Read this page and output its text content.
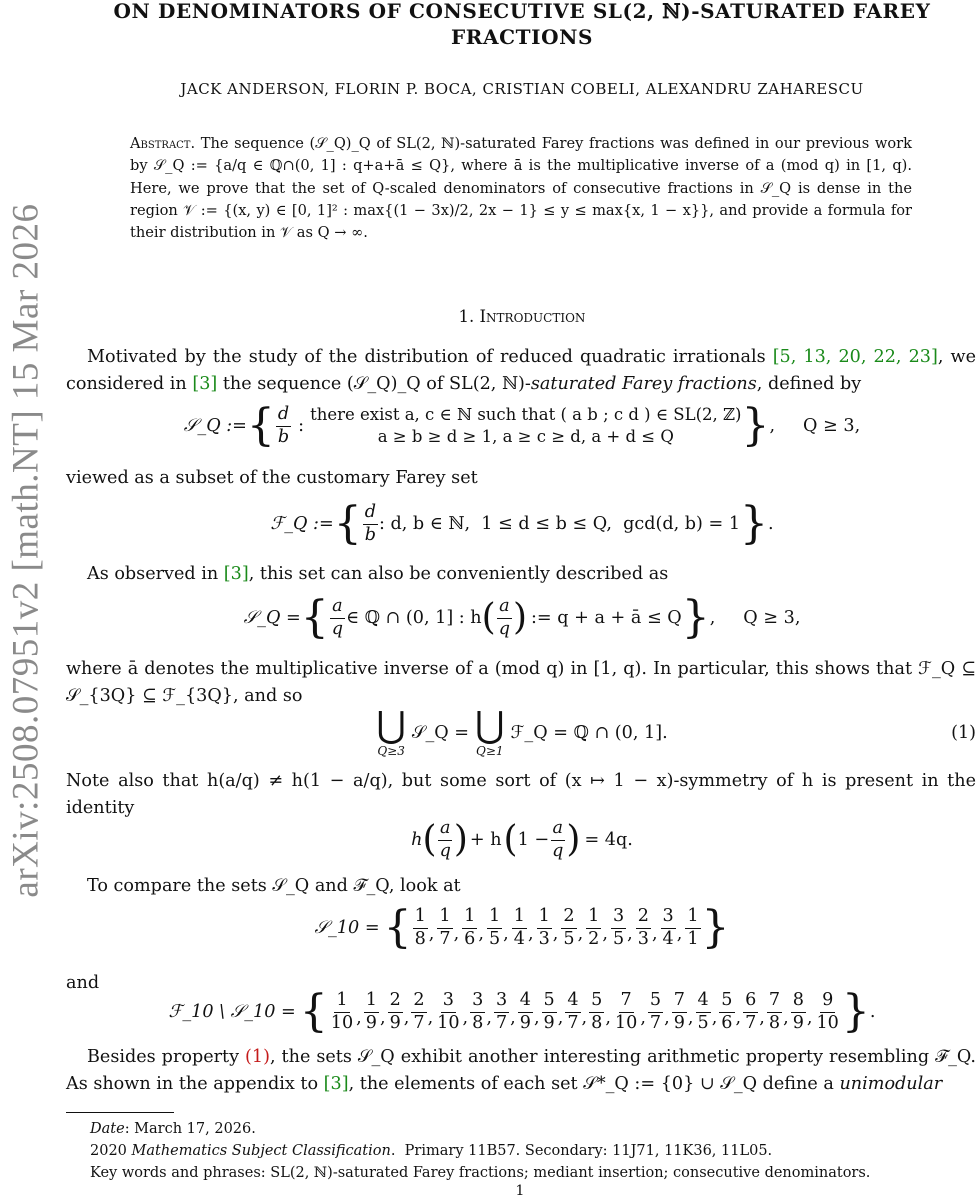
arXiv:2508.07951v2 [math.NT] 15 Mar 2026
ON DENOMINATORS OF CONSECUTIVE SL(2, ℕ)-SATURATED FAREY
FRACTIONS
JACK ANDERSON, FLORIN P. BOCA, CRISTIAN COBELI, ALEXANDRU ZAHARESCU
Abstract. The sequence (𝒮_Q)_Q of SL(2, ℕ)-saturated Farey fractions was defined in our previous work by 𝒮_Q := {a/q ∈ ℚ∩(0, 1] : q+a+ā ≤ Q}, where ā is the multiplicative inverse of a (mod q) in [1, q). Here, we prove that the set of Q-scaled denominators of consecutive fractions in 𝒮_Q is dense in the region 𝒱 := {(x, y) ∈ [0, 1]² : max{(1 − 3x)/2, 2x − 1} ≤ y ≤ max{x, 1 − x}}, and provide a formula for their distribution in 𝒱 as Q → ∞.
1. Introduction
Motivated by the study of the distribution of reduced quadratic irrationals [5, 13, 20, 22, 23], we considered in [3] the sequence (𝒮_Q)_Q of SL(2, ℕ)-saturated Farey fractions, defined by
𝒮_Q := { $\frac{d}{b}$ :
there exist a, c ∈ ℕ such that ( a b ; c d ) ∈ SL(2, ℤ)
a ≥ b ≥ d ≥ 1, a ≥ c ≥ d, a + d ≤ Q } ,     Q ≥ 3,
viewed as a subset of the customary Farey set
ℱ_Q := { $\frac{d}{b}$ : d, b ∈ ℕ,  1 ≤ d ≤ b ≤ Q,  gcd(d, b) = 1 } .
As observed in [3], this set can also be conveniently described as
𝒮_Q = { $\frac{a}{q}$ ∈ ℚ ∩ (0, 1] : h ( $\frac{a}{q}$ ) := q + a + ā ≤ Q } ,     Q ≥ 3,
where ā denotes the multiplicative inverse of a (mod q) in [1, q). In particular, this shows that ℱ_Q ⊆ 𝒮_{3Q} ⊆ ℱ_{3Q}, and so
⋃
Q≥3
𝒮_Q = ⋃
Q≥1
ℱ_Q = ℚ ∩ (0, 1].	(1)
Note also that h(a/q) ≠ h(1 − a/q), but some sort of (x ↦ 1 − x)-symmetry of h is present in the identity
h ( $\frac{a}{q}$ ) + h ( $1 - \frac{a}{q}$ ) = 4q.
To compare the sets 𝒮_Q and ℱ_Q, look at
𝒮_10 = { $\frac{1}{8}$ , $\frac{1}{7}$ , $\frac{1}{6}$ , $\frac{1}{5}$ , $\frac{1}{4}$ , $\frac{1}{3}$ , $\frac{2}{5}$ , $\frac{1}{2}$ , $\frac{3}{5}$ , $\frac{2}{3}$ , $\frac{3}{4}$ , $\frac{1}{1}$ }
and
ℱ_10 \ 𝒮_10 = { $\frac{1}{10}$ , $\frac{1}{9}$ , $\frac{2}{9}$ , $\frac{2}{7}$ , $\frac{3}{10}$ , $\frac{3}{8}$ , $\frac{3}{7}$ , $\frac{4}{9}$ , $\frac{5}{9}$ , $\frac{4}{7}$ , $\frac{5}{8}$ , $\frac{7}{10}$ , $\frac{5}{7}$ , $\frac{7}{9}$ , $\frac{4}{5}$ , $\frac{5}{6}$ , $\frac{6}{7}$ , $\frac{7}{8}$ , $\frac{8}{9}$ , $\frac{9}{10}$ } .
Besides property (1), the sets 𝒮_Q exhibit another interesting arithmetic property resembling ℱ_Q. As shown in the appendix to [3], the elements of each set 𝒮*_Q := {0} ∪ 𝒮_Q define a unimodular
Date: March 17, 2026.
2020 Mathematics Subject Classification.  Primary 11B57. Secondary: 11J71, 11K36, 11L05.
Key words and phrases: SL(2, ℕ)-saturated Farey fractions; mediant insertion; consecutive denominators.
1
